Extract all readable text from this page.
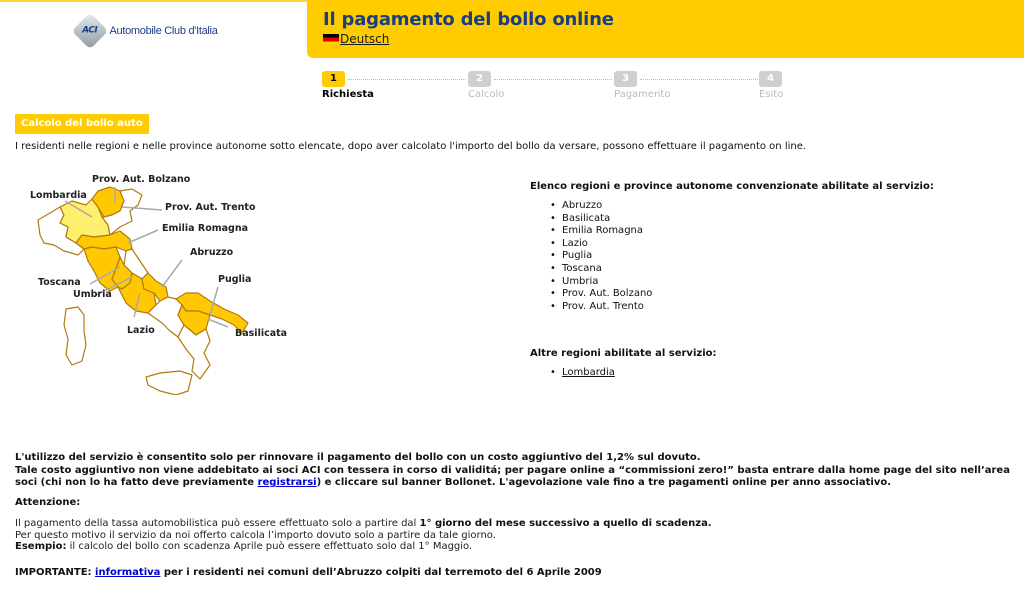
ACI Automobile Club d'Italia
Il pagamento del bollo online
Deutsch
1
Richiesta
2
Calcolo
3
Pagamento
4
Esito
Calcolo del bollo auto
I residenti nelle regioni e nelle province autonome sotto elencate, dopo aver calcolato l'importo del bollo da versare, possono effettuare il pagamento on line.
Prov. Aut. Bolzano
Lombardia
Prov. Aut. Trento
Emilia Romagna
Abruzzo
Toscana	Puglia
Umbria
Lazio	Basilicata
Elenco regioni e province autonome convenzionate abilitate al servizio:
• Abruzzo
• Basilicata
• Emilia Romagna
• Lazio
• Puglia
• Toscana
• Umbria
• Prov. Aut. Bolzano
• Prov. Aut. Trento
Altre regioni abilitate al servizio:
• Lombardia
L'utilizzo del servizio è consentito solo per rinnovare il pagamento del bollo con un costo aggiuntivo del 1,2% sul dovuto.
Tale costo aggiuntivo non viene addebitato ai soci ACI con tessera in corso di validitá; per pagare online a “commissioni zero!” basta entrare dalla home page del sito nell’area
soci (chi non lo ha fatto deve previamente registrarsi) e cliccare sul banner Bollonet. L'agevolazione vale fino a tre pagamenti online per anno associativo.
Attenzione:
Il pagamento della tassa automobilistica può essere effettuato solo a partire dal 1° giorno del mese successivo a quello di scadenza.
Per questo motivo il servizio da noi offerto calcola l’importo dovuto solo a partire da tale giorno.
Esempio: il calcolo del bollo con scadenza Aprile può essere effettuato solo dal 1° Maggio.
IMPORTANTE: informativa per i residenti nei comuni dell’Abruzzo colpiti dal terremoto del 6 Aprile 2009
